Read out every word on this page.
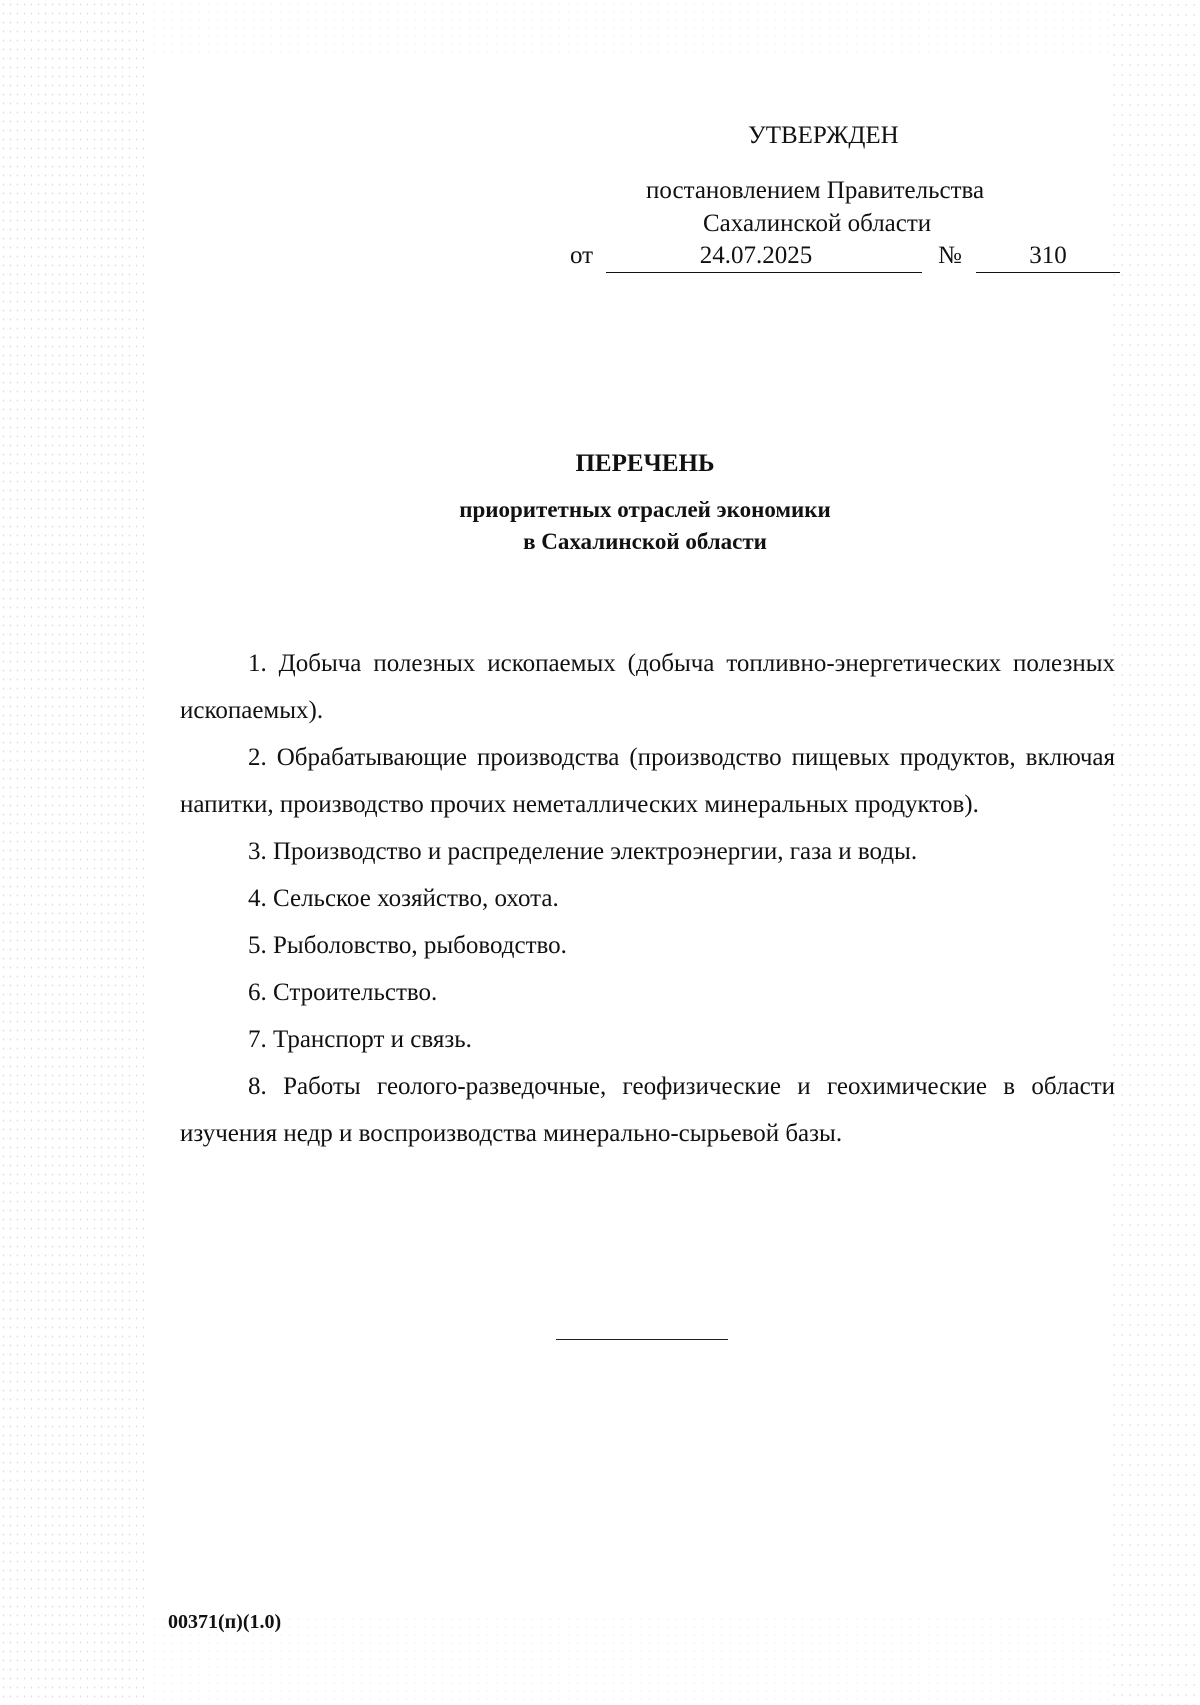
УТВЕРЖДЕН
постановлением Правительства
Сахалинской области
от	24.07.2025	№	310
ПЕРЕЧЕНЬ
приоритетных отраслей экономики
в Сахалинской области

1. Добыча полезных ископаемых (добыча топливно-энергетических полезных ископаемых).

2. Обрабатывающие производства (производство пищевых продуктов, включая напитки, производство прочих неметаллических минеральных продуктов).

3. Производство и распределение электроэнергии, газа и воды.

4. Сельское хозяйство, охота.

5. Рыболовство, рыбоводство.

6. Строительство.

7. Транспорт и связь.

8. Работы геолого-разведочные, геофизические и геохимические в области изучения недр и воспроизводства минерально-сырьевой базы.

00371(п)(1.0)
